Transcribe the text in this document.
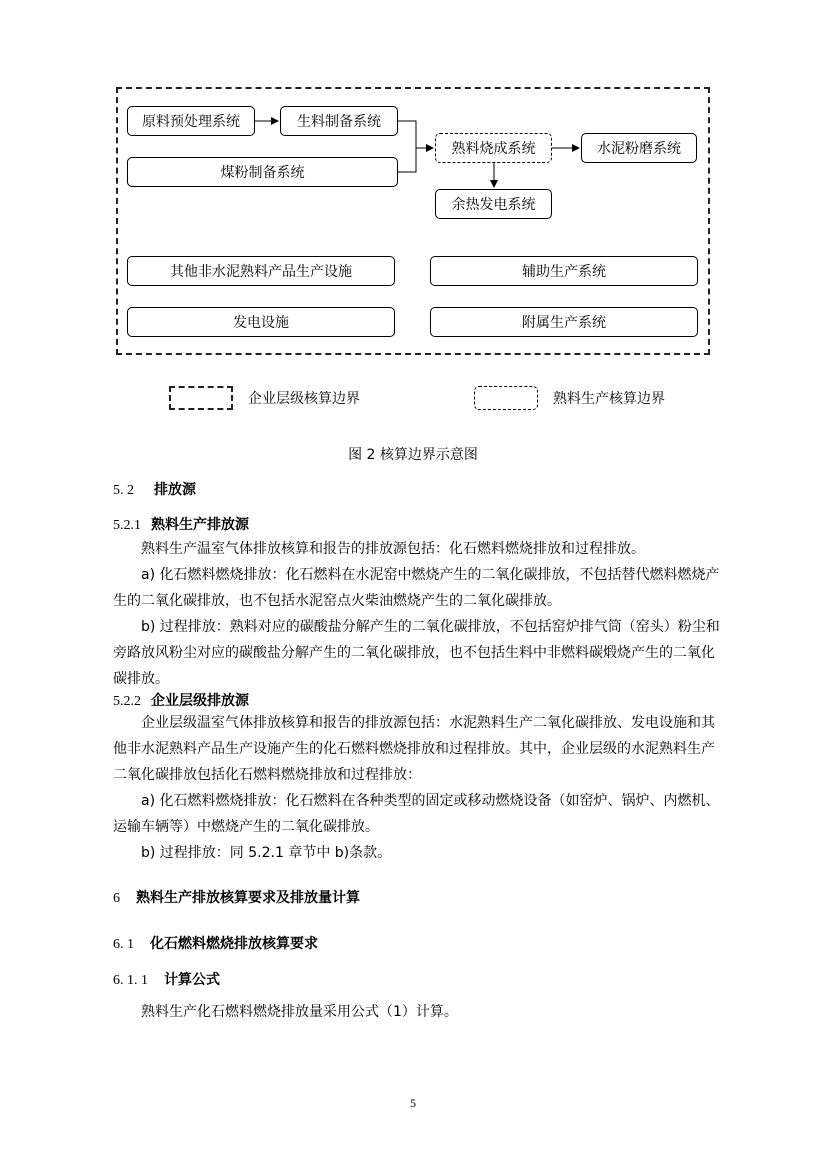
原料预处理系统	生料制备系统
煤粉制备系统
熟料烧成系统	水泥粉磨系统
余热发电系统
其他非水泥熟料产品生产设施	辅助生产系统
发电设施	附属生产系统
企业层级核算边界	熟料生产核算边界
图 2 核算边界示意图
5. 2 排放源
5.2.1 熟料生产排放源
熟料生产温室气体排放核算和报告的排放源包括：化石燃料燃烧排放和过程排放。
a) 化石燃料燃烧排放：化石燃料在水泥窑中燃烧产生的二氧化碳排放，不包括替代燃料燃烧产生的二氧化碳排放，也不包括水泥窑点火柴油燃烧产生的二氧化碳排放。
b) 过程排放：熟料对应的碳酸盐分解产生的二氧化碳排放，不包括窑炉排气筒（窑头）粉尘和旁路放风粉尘对应的碳酸盐分解产生的二氧化碳排放，也不包括生料中非燃料碳煅烧产生的二氧化碳排放。
5.2.2 企业层级排放源
企业层级温室气体排放核算和报告的排放源包括：水泥熟料生产二氧化碳排放、发电设施和其他非水泥熟料产品生产设施产生的化石燃料燃烧排放和过程排放。其中，企业层级的水泥熟料生产二氧化碳排放包括化石燃料燃烧排放和过程排放：
a) 化石燃料燃烧排放：化石燃料在各种类型的固定或移动燃烧设备（如窑炉、锅炉、内燃机、运输车辆等）中燃烧产生的二氧化碳排放。
b) 过程排放：同 5.2.1 章节中 b)条款。
6 熟料生产排放核算要求及排放量计算
6. 1 化石燃料燃烧排放核算要求
6. 1. 1 计算公式
熟料生产化石燃料燃烧排放量采用公式（1）计算。
5
